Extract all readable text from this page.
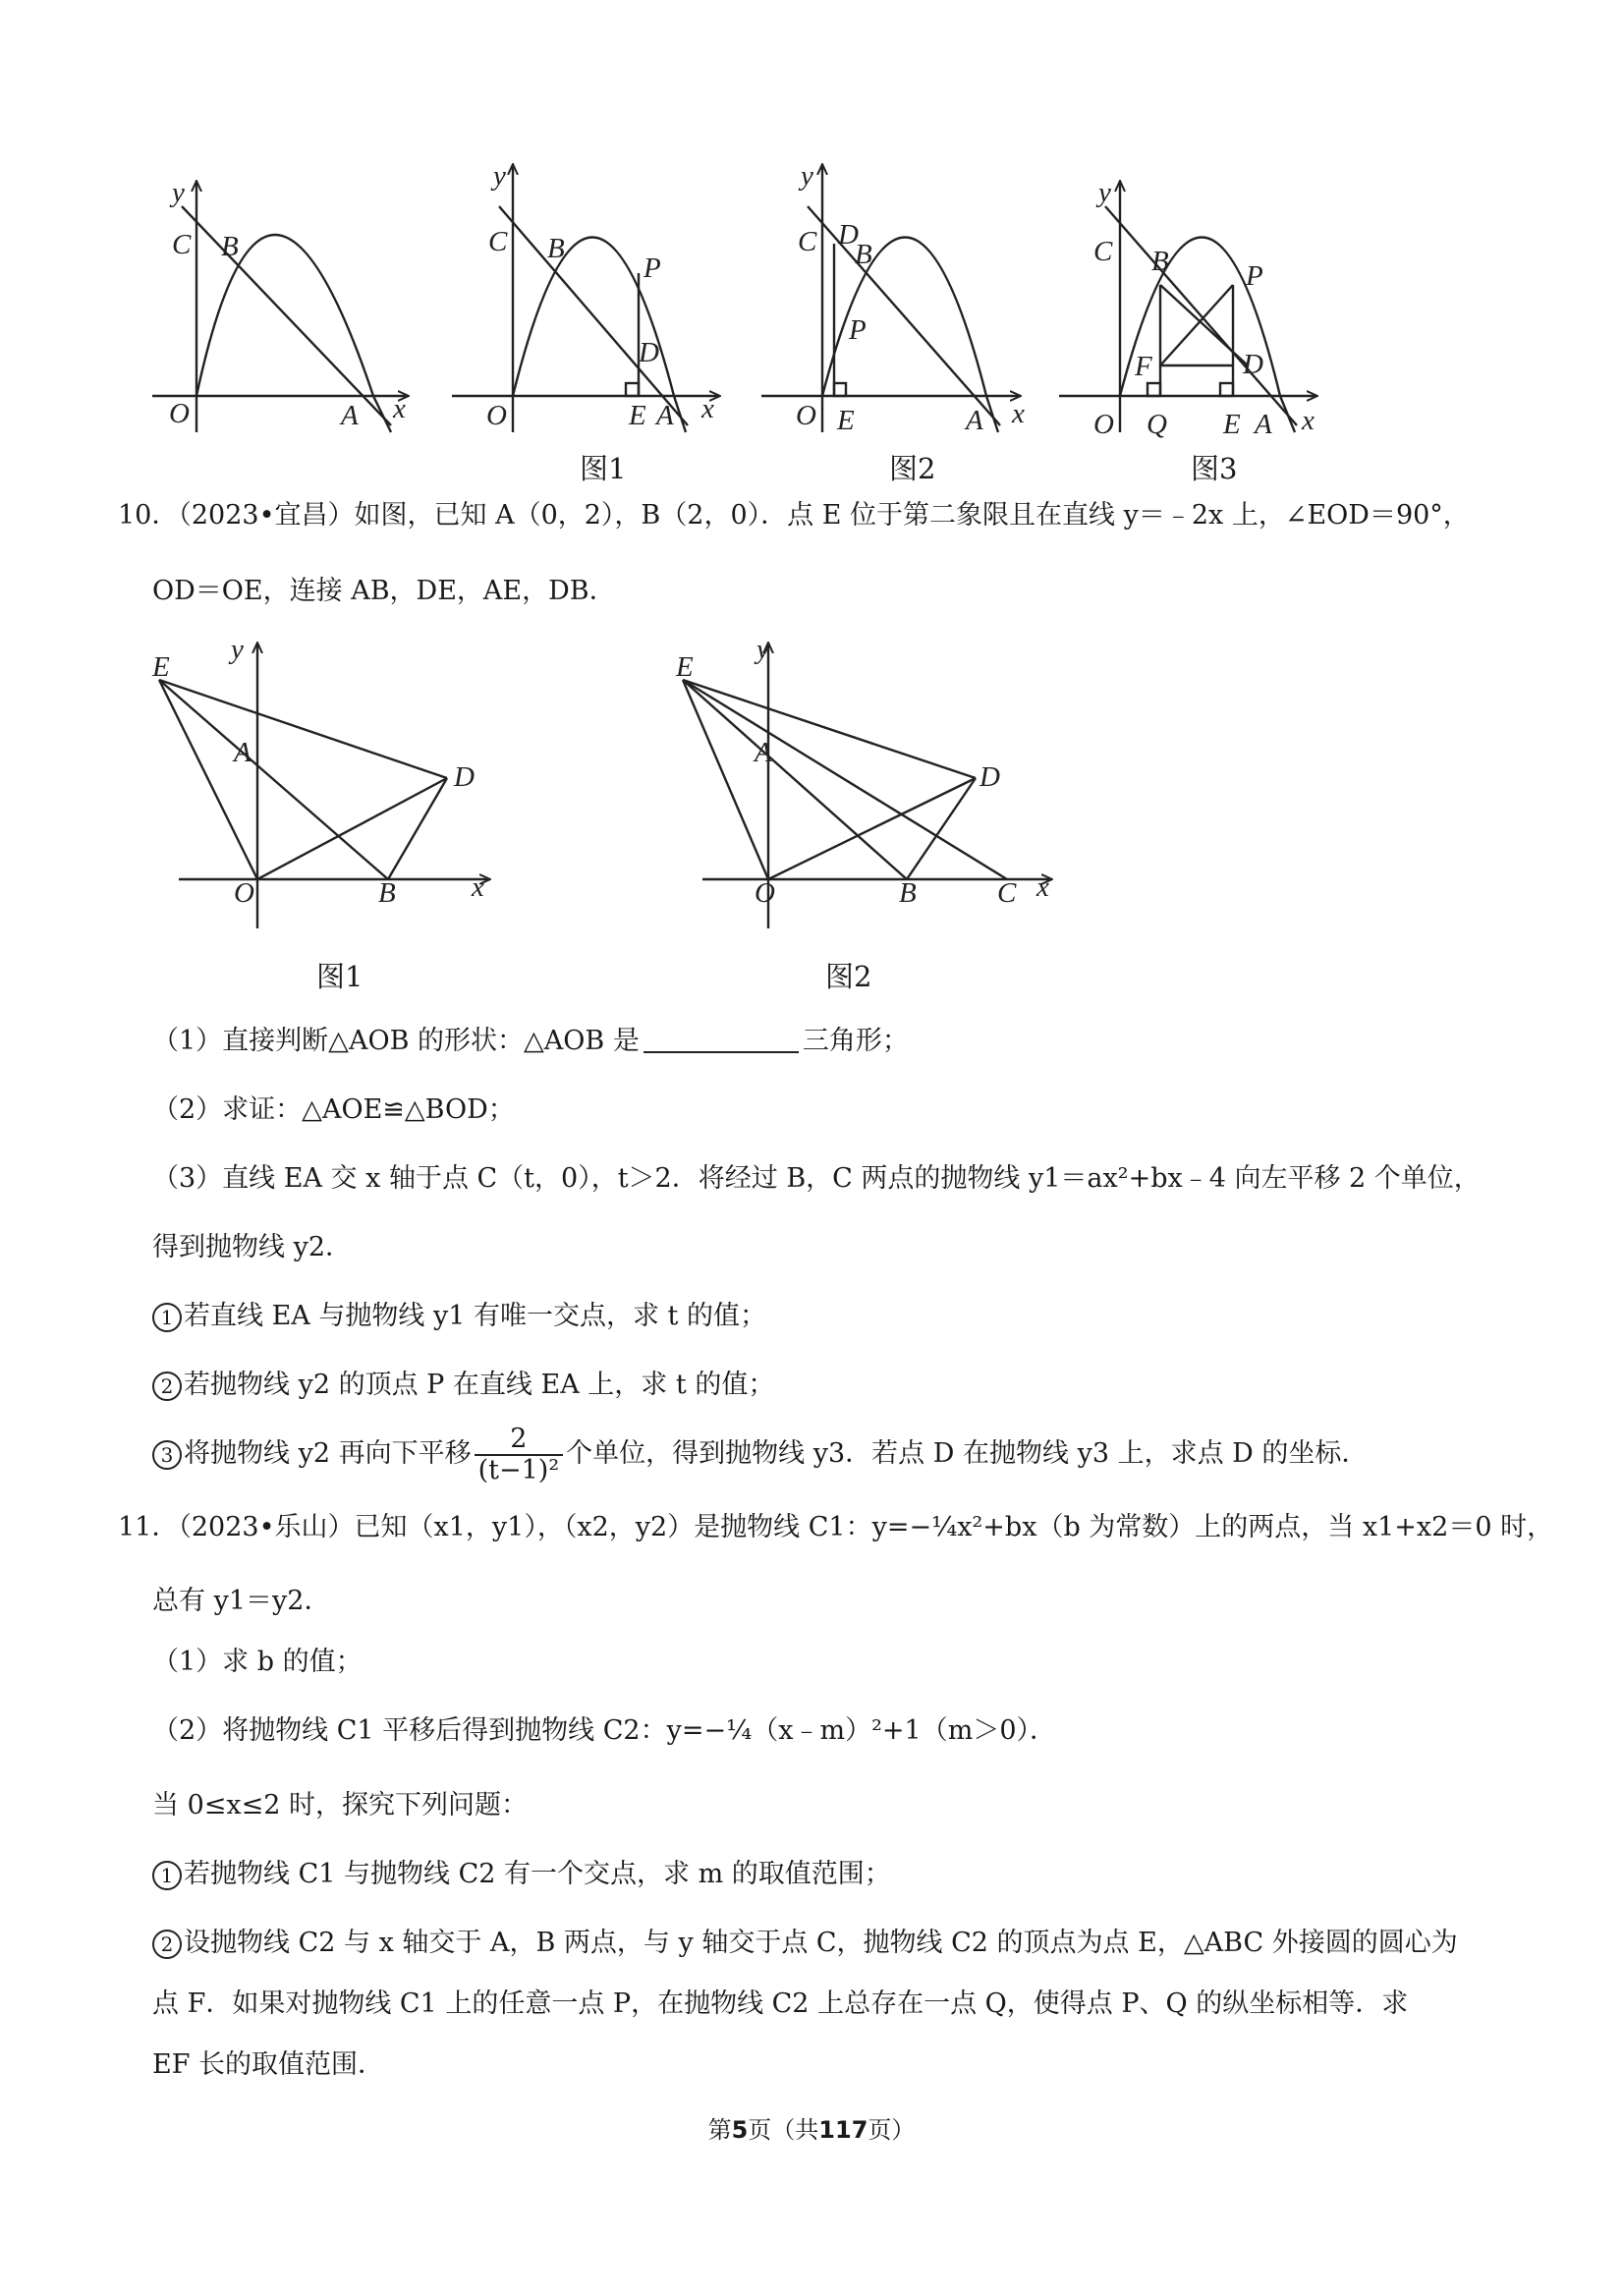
y
C B
O	A x
y
C B
P
D
O	E A x
y
C D
B
P
O E	A x
y
C B	P
F	D
O Q E A x
图1	图2	图3
10．（2023•宜昌）如图，已知 A（0，2），B（2，0）．点 E 位于第二象限且在直线 y＝﹣2x 上，∠EOD＝90°，
OD＝OE，连接 AB，DE，AE，DB．
E
y
A
D
O	B	x
E
y
A
D
O	B	C x
图1	图2
（1）直接判断△AOB 的形状：△AOB 是	三角形；
（2）求证：△AOE≌△BOD；
（3）直线 EA 交 x 轴于点 C（t，0），t＞2．将经过 B，C 两点的抛物线 y1＝ax²+bx﹣4 向左平移 2 个单位，
得到抛物线 y2．
1 若直线 EA 与抛物线 y1 有唯一交点，求 t 的值；
2 若抛物线 y2 的顶点 P 在直线 EA 上，求 t 的值；
3 将抛物线 y2 再向下平移 $\frac{2}{\text{(t−1)²}}$ 个单位，得到抛物线 y3．若点 D 在抛物线 y3 上，求点 D 的坐标．
11．（2023•乐山）已知（x1，y1），（x2，y2）是抛物线 C1：y=−¼x²+bx（b 为常数）上的两点，当 x1+x2＝0 时，
总有 y1＝y2．
（1）求 b 的值；
（2）将抛物线 C1 平移后得到抛物线 C2：y=−¼（x﹣m）²+1（m＞0）．
当 0≤x≤2 时，探究下列问题：
1 若抛物线 C1 与抛物线 C2 有一个交点，求 m 的取值范围；
2 设抛物线 C2 与 x 轴交于 A，B 两点，与 y 轴交于点 C，抛物线 C2 的顶点为点 E，△ABC 外接圆的圆心为
点 F．如果对抛物线 C1 上的任意一点 P，在抛物线 C2 上总存在一点 Q，使得点 P、Q 的纵坐标相等．求
EF 长的取值范围．
第5页（共117页）
